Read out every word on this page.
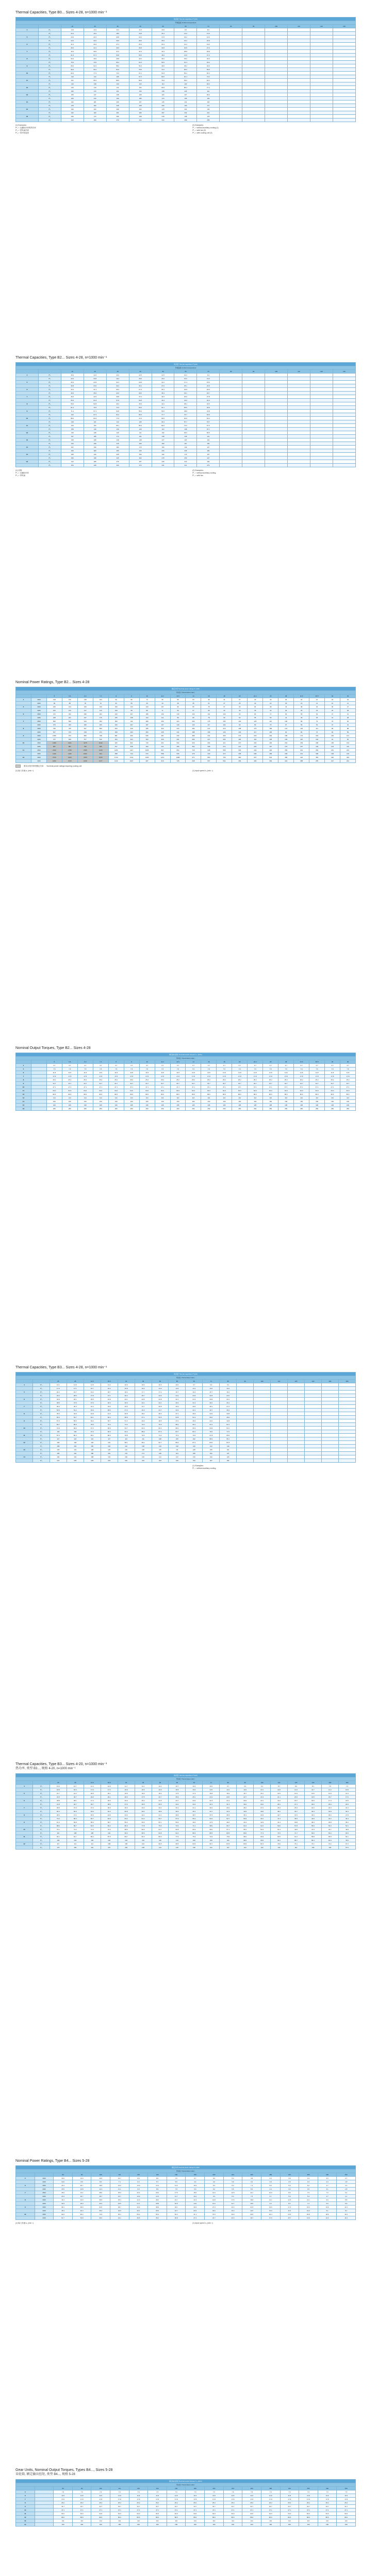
Thermal Capacities, Type B0... Sizes 4-28, n=1000 min⁻¹
热容量 Thermal capacities Pᵗ (kW)														
环境温度 Ambient temperature														
		10	20	30	40	50	60	70	80	90	100	110	120	130
4	Pᵗ₁	14.0	13.2	12.4	11.6	10.6	9.6	8.6						
	Pᵗ₂	20.4	19.2	18.0	16.8	15.4	14.0	12.6						
5	Pᵗ₁	23.6	22.2	20.8	19.4	17.8	16.2	14.6						
	Pᵗ₂	34.0	32.0	30.0	28.0	25.6	23.2	20.8						
6	Pᵗ₁	31.0	29.2	27.4	25.4	23.4	21.2	19.0						
	Pᵗ₂	45.0	42.4	39.6	36.8	33.8	30.8	27.6						
7	Pᵗ₁	42.0	39.6	37.0	34.4	31.6	28.8	25.8						
	Pᵗ₂	61.0	57.4	53.8	50.0	46.0	41.8	37.4						
8	Pᵗ₁	52.0	49.0	45.8	42.6	39.2	35.6	32.0						
	Pᵗ₂	75.0	70.6	66.2	61.6	56.6	51.4	46.2						
9	Pᵗ₁	66.0	62.2	58.2	54.0	49.6	45.2	40.6						
	Pᵗ₂	96.0	90.4	84.6	78.6	72.2	65.6	59.0						
10	Pᵗ₁	82.0	77.2	72.2	67.2	61.8	56.2	50.4						
	Pᵗ₂	119	112	105	97.6	89.6	81.4	73.2						
11	Pᵗ₁	101	95.2	89.0	82.8	76.0	69.2	62.2						
	Pᵗ₂	146	138	129	120	110	100	90.0						
12	Pᵗ₁	126	119	111	103	94.8	86.2	77.4						
	Pᵗ₂	183	172	161	150	138	125	112						
13	Pᵗ₁	156	147	138	128	118	107	96.0						
	Pᵗ₂	226	213	199	185	170	155	139						
14	Pᵗ₁	192	181	169	157	145	131	118						
	Pᵗ₂	278	262	245	228	209	190	171						
15	Pᵗ₁	236	222	208	193	178	161	145						
	Pᵗ₂	342	322	301	280	257	234	210						
16	Pᵗ₁	290	273	256	238	218	198	178						
	Pᵗ₂	420	396	370	344	316	288	258						
(1) Exemples:
Pᵗ₁ = 无辅助冷却的热功率
Pᵗ₂ = 带风扇冷却
Pᵗ₃ = 带冷却盘管
(2) Examples:
Pᵗ₁ = without auxiliary cooling (1)
Pᵗ₂ = with fan (2)
Pᵗ₃ = with cooling coil (3)
Thermal Capacities, Type B2... Sizes 4-28, n=1000 min⁻¹
热容量 Thermal capacities Pᵗ (kW)														
环境温度 Ambient temperature														
		10	20	30	40	50	60	70	80	90	100	110	120	130
4	Pᵗ₁	15.2	14.3	13.4	12.5	11.5	10.4	9.4						
	Pᵗ₂	22.0	20.8	19.4	18.0	16.6	15.0	13.6						
5	Pᵗ₁	25.4	23.9	22.4	20.8	19.1	17.4	15.6						
	Pᵗ₂	36.8	34.6	32.4	30.1	27.6	25.1	22.5						
6	Pᵗ₁	33.4	31.4	29.4	27.3	25.1	22.8	20.5						
	Pᵗ₂	48.4	45.6	42.6	39.6	36.4	33.1	29.7						
7	Pᵗ₁	45.2	42.6	39.8	37.0	34.0	30.9	27.8						
	Pᵗ₂	65.6	61.8	57.8	53.8	49.4	44.9	40.3						
8	Pᵗ₁	56.0	52.8	49.4	45.9	42.2	38.4	34.5						
	Pᵗ₂	81.2	76.5	71.6	66.5	61.1	55.6	49.9						
9	Pᵗ₁	71.2	67.1	62.8	58.3	53.6	48.8	43.8						
	Pᵗ₂	103	97.3	91.0	84.6	77.7	70.7	63.5						
10	Pᵗ₁	88.4	83.3	77.9	72.4	66.5	60.5	54.3						
	Pᵗ₂	128	121	113	105	96.4	87.7	78.7						
11	Pᵗ₁	109	103	96.1	89.3	82.0	74.6	67.0						
	Pᵗ₂	158	149	139	129	119	108	97.1						
12	Pᵗ₁	136	128	120	111	102	93.0	83.5						
	Pᵗ₂	197	186	174	161	148	135	121						
13	Pᵗ₁	168	158	148	138	127	115	103						
	Pᵗ₂	244	230	215	200	183	167	150						
14	Pᵗ₁	207	195	183	170	156	142	127						
	Pᵗ₂	300	283	265	246	226	205	184						
15	Pᵗ₁	255	240	225	209	192	174	157						
	Pᵗ₂	369	348	325	302	278	253	227						
16	Pᵗ₁	313	295	276	257	236	214	193						
	Pᵗ₂	454	428	400	372	341	311	279						
(1) 说明:
Pᵗ₁ = 无辅助冷却
Pᵗ₂ = 带风扇
(2) Examples:
Pᵗ₁ = without auxiliary cooling
Pᵗ₂ = with fan
Nominal Power Ratings, Type B2... Sizes 4-28
额定功率 Nominal power ratings Pₙ (kW)																					
传动比 Transmission ratio i																					
		5	5.6	6.3	7.1	8	9	10	11.2	12.5	14	16	18	20	22.4	25	28	31.5	35.5	40	45
4	1500	148	132	118	104	93	82	74	66	59	53	46	41	37	33	30	26	24	21	19	16
	1000	99	88	78	70	62	55	49	44	39	35	31	27	25	22	20	18	16	14	12	11
5	1500	240	214	190	169	150	133	120	107	96	86	75	67	60	54	48	43	38	34	30	27
	1000	160	143	127	113	100	89	80	71	64	57	50	44	40	36	32	29	25	23	20	18
6	1500	372	332	295	262	233	207	186	166	149	133	116	103	93	83	74	66	59	52	47	41
	1000	248	221	197	175	155	138	124	111	99	89	78	69	62	55	50	44	39	35	31	28
7	1500	560	500	444	394	350	311	280	250	224	200	175	156	140	125	112	100	89	79	70	62
	1000	373	333	296	263	233	207	187	167	149	133	117	104	93	83	75	67	59	53	47	41
8	1500	790	705	627	556	494	439	395	353	316	282	247	219	198	176	158	141	125	111	99	88
	1000	527	470	418	371	329	293	263	235	211	188	165	146	132	117	105	94	84	74	66	59
9	1500	1090	973	865	768	681	606	545	487	436	389	341	303	273	243	218	195	173	154	136	121
	1000	727	649	577	512	454	404	363	325	291	260	227	202	182	162	145	130	115	102	91	81
10	1500	1480	1321	1175	1042	925	822	740	661	592	529	463	411	370	330	296	264	235	208	185	164
	1000	987	881	783	695	617	548	493	441	395	352	308	274	247	220	197	176	157	139	123	110
11	1500	2010	1795	1595	1415	1256	1117	1005	897	804	718	628	558	503	449	402	359	319	283	251	223
	1000	1340	1196	1063	944	838	744	670	598	536	479	419	372	335	299	268	239	213	189	168	149
12	1500	2720	2429	2159	1915	1700	1511	1360	1214	1088	971	850	756	680	607	544	486	432	383	340	302
	1000	1813	1619	1439	1277	1133	1007	907	810	725	648	567	504	453	405	363	324	288	255	227	201
要求水管冷却的额定功率 Nominal power ratings requiring cooling coil
(1) 输入转速 n₁ (min⁻¹)	(1) Input speed n₁ (min⁻¹)
Nominal Output Torques, Type B2... Sizes 4-28
额定输出扭矩 Nominal output torques T₂ₙ (kNm)																					
传动比 Transmission ratio i																					
		5	5.6	6.3	7.1	8	9	10	11.2	12.5	14	16	18	20	22.4	25	28	31.5	35.5	40	45
4		4.7	4.7	4.7	4.7	4.7	4.7	4.7	4.7	4.7	4.7	4.7	4.7	4.7	4.7	4.7	4.7	4.7	4.7	4.7	4.7
5		7.6	7.6	7.6	7.6	7.6	7.6	7.6	7.6	7.6	7.6	7.6	7.6	7.6	7.6	7.6	7.6	7.6	7.6	7.6	7.6
6		11.8	11.8	11.8	11.8	11.8	11.8	11.8	11.8	11.8	11.8	11.8	11.8	11.8	11.8	11.8	11.8	11.8	11.8	11.8	11.8
7		17.8	17.8	17.8	17.8	17.8	17.8	17.8	17.8	17.8	17.8	17.8	17.8	17.8	17.8	17.8	17.8	17.8	17.8	17.8	17.8
8		25.2	25.2	25.2	25.2	25.2	25.2	25.2	25.2	25.2	25.2	25.2	25.2	25.2	25.2	25.2	25.2	25.2	25.2	25.2	25.2
9		34.7	34.7	34.7	34.7	34.7	34.7	34.7	34.7	34.7	34.7	34.7	34.7	34.7	34.7	34.7	34.7	34.7	34.7	34.7	34.7
10		47.1	47.1	47.1	47.1	47.1	47.1	47.1	47.1	47.1	47.1	47.1	47.1	47.1	47.1	47.1	47.1	47.1	47.1	47.1	47.1
11		64.0	64.0	64.0	64.0	64.0	64.0	64.0	64.0	64.0	64.0	64.0	64.0	64.0	64.0	64.0	64.0	64.0	64.0	64.0	64.0
12		86.6	86.6	86.6	86.6	86.6	86.6	86.6	86.6	86.6	86.6	86.6	86.6	86.6	86.6	86.6	86.6	86.6	86.6	86.6	86.6
13		114	114	114	114	114	114	114	114	114	114	114	114	114	114	114	114	114	114	114	114
14		150	150	150	150	150	150	150	150	150	150	150	150	150	150	150	150	150	150	150	150
15		195	195	195	195	195	195	195	195	195	195	195	195	195	195	195	195	195	195	195	195
16		250	250	250	250	250	250	250	250	250	250	250	250	250	250	250	250	250	250	250	250
Thermal Capacities, Type B3... Sizes 4-28, n=1000 min⁻¹
热容量 Thermal capacities Pᵗ (kW)																			
传动比 Transmission ratio i																			
		25	28	31.5	35.5	40	45	50	56	63	71	80	90	100	112	125	140	160	180
4	Pᵗ₁	12.1	11.8	11.5	11.2	10.9	10.6	10.3	10.0	9.7	9.4	9.1							
	Pᵗ₂	17.6	17.1	16.7	16.2	15.8	15.4	14.9	14.5	14.1	13.6	13.2							
5	Pᵗ₁	20.2	19.7	19.2	18.7	18.2	17.7	17.2	16.7	16.2	15.7	15.2							
	Pᵗ₂	29.3	28.6	27.8	27.1	26.4	25.7	24.9	24.2	23.5	22.8	22.0							
6	Pᵗ₁	26.8	26.1	25.5	24.8	24.1	23.5	22.8	22.1	21.5	20.8	20.1							
	Pᵗ₂	38.9	37.9	37.0	36.0	35.0	34.1	33.1	32.0	31.2	30.2	29.1							
7	Pᵗ₁	36.2	35.3	34.4	33.5	32.6	31.7	30.8	29.9	29.0	28.1	27.2							
	Pᵗ₂	52.5	51.2	49.9	48.6	47.3	46.0	44.7	43.4	42.1	40.7	39.4							
8	Pᵗ₁	45.0	43.9	42.8	41.6	40.5	39.4	38.3	37.1	36.0	34.9	33.8							
	Pᵗ₂	65.3	63.7	62.1	60.4	58.8	57.1	55.5	53.8	52.2	50.6	49.0							
9	Pᵗ₁	57.0	55.6	54.2	52.7	51.3	49.9	48.5	47.0	45.6	44.2	42.8							
	Pᵗ₂	82.7	80.6	78.6	76.4	74.4	72.4	70.3	68.2	66.1	64.1	62.1							
10	Pᵗ₁	70.8	69.0	67.3	65.5	63.7	62.0	60.2	58.4	56.6	54.9	53.1							
	Pᵗ₂	103	100	97.6	95.0	92.4	89.9	87.3	84.7	82.1	79.6	77.0							
11	Pᵗ₁	87.5	85.3	83.1	80.9	78.8	76.6	74.4	72.2	70.0	67.8	65.6							
	Pᵗ₂	127	124	121	117	114	111	108	105	102	98.3	95.1							
12	Pᵗ₁	109	106	104	101	98.1	95.4	92.7	89.9	87.2	84.5	81.8							
	Pᵗ₂	158	154	150	146	142	138	134	130	126	123	119							
13	Pᵗ₁	135	132	128	125	122	118	115	111	108	105	101							
	Pᵗ₂	196	191	186	181	176	171	166	161	156	152	147							
14	Pᵗ₁	166	162	158	154	149	145	141	137	133	129	125							
	Pᵗ₂	241	235	229	223	216	210	204	199	193	187	181							
(1) Examples:
Pᵗ₁ = without auxiliary cooling
Thermal Capacities, Type B3... Sizes 4-20, n=1000 min⁻¹
热功率, 类型 B3..., 规格 4-20, n=1000 min⁻¹
热容量 Thermal capacities Pᵗ (kW)																			
传动比 Transmission ratio i																			
		25	28	31.5	35.5	40	45	50	56	63	71	80	90	100	112	125	140	160	180
4	Pᵗ₁	13.0	12.7	12.4	12.0	11.7	11.4	11.0	10.7	10.4	10.0	9.7	9.4	9.1	8.7	8.4	8.1	7.8	7.4
	Pᵗ₂	18.9	18.4	17.9	17.4	16.9	16.5	16.0	15.5	15.0	14.5	14.1	13.6	13.1	12.6	12.2	11.7	11.2	10.8
5	Pᵗ₁	21.7	21.2	20.6	20.1	19.5	19.0	18.4	17.9	17.3	16.8	16.2	15.7	15.1	14.6	14.0	13.5	12.9	12.4
	Pᵗ₂	31.5	30.7	29.9	29.1	28.3	27.5	26.7	25.9	25.1	24.3	23.5	22.7	21.9	21.1	20.3	19.5	18.7	17.9
6	Pᵗ₁	28.8	28.1	27.4	26.6	25.9	25.2	24.5	23.7	23.0	22.3	21.6	20.9	20.1	19.4	18.7	18.0	17.3	16.5
	Pᵗ₂	41.8	40.7	39.7	38.6	37.6	36.5	35.5	34.4	33.4	32.3	31.3	30.2	29.2	28.1	27.1	26.0	25.0	23.9
7	Pᵗ₁	38.9	37.9	37.0	36.0	35.0	34.0	33.1	32.1	31.1	30.2	29.2	28.2	27.2	26.3	25.3	24.3	23.3	22.4
	Pᵗ₂	56.4	55.0	53.6	52.2	50.8	49.4	48.0	46.5	45.1	43.7	42.3	40.9	39.5	38.1	36.7	35.3	33.8	32.4
8	Pᵗ₁	48.4	47.2	46.0	44.8	43.6	42.4	41.1	39.9	38.7	37.5	36.3	35.1	33.9	32.7	31.5	30.3	29.0	27.8
	Pᵗ₂	70.2	68.4	66.7	64.9	63.2	61.4	59.7	57.9	56.2	54.4	52.7	50.9	49.1	47.4	45.6	43.9	42.1	40.4
9	Pᵗ₁	61.3	59.8	58.2	56.7	55.2	53.6	52.1	50.6	49.0	47.5	46.0	44.4	42.9	41.4	39.8	38.3	36.8	35.2
	Pᵗ₂	88.9	86.7	84.5	82.2	80.0	77.8	75.6	73.3	71.1	68.9	66.7	64.4	62.2	60.0	57.8	55.6	53.3	51.1
10	Pᵗ₁	76.1	74.2	72.3	70.4	68.5	66.6	64.7	62.8	60.9	59.0	57.1	55.2	53.3	51.4	49.5	47.6	45.7	43.8
	Pᵗ₂	110	108	105	102	99.3	96.6	93.8	91.0	88.3	85.5	82.8	80.0	77.3	74.5	71.7	69.0	66.2	63.5
11	Pᵗ₁	94.1	91.7	89.4	87.0	84.7	82.3	80.0	77.6	75.3	72.9	70.6	68.2	65.9	63.5	61.2	58.8	56.5	54.1
	Pᵗ₂	136	133	130	126	123	119	116	113	109	106	102	98.9	95.5	92.1	88.7	85.3	81.9	78.5
12	Pᵗ₁	117	114	111	108	105	102	99.5	96.5	93.6	90.7	87.8	84.8	81.9	79.0	76.1	73.1	70.2	67.3
	Pᵗ₂	170	166	161	157	153	148	144	140	136	131	127	123	119	115	110	106	102	97.6
Nominal Power Ratings, Type B4... Sizes 5-28
额定功率 Nominal power ratings Pₙ (kW)																	
传动比 Transmission ratio i																	
		80	90	100	112	125	140	160	180	200	224	250	280	315	355	400	450
5	1500	15.0	13.3	12.0	10.7	9.6	8.6	7.5	6.7	6.0	5.4	4.8	4.3	3.8	3.4	3.0	2.7
	1000	10.0	8.9	8.0	7.1	6.4	5.7	5.0	4.4	4.0	3.6	3.2	2.9	2.5	2.3	2.0	1.8
6	1500	23.3	20.7	18.6	16.6	14.9	13.3	11.6	10.3	9.3	8.3	7.4	6.6	5.9	5.2	4.7	4.1
	1000	15.5	13.8	12.4	11.1	9.9	8.9	7.8	6.9	6.2	5.5	5.0	4.4	3.9	3.5	3.1	2.8
7	1500	35.0	31.1	28.0	25.0	22.4	20.0	17.5	15.6	14.0	12.5	11.2	10.0	8.9	7.9	7.0	6.2
	1000	23.3	20.7	18.7	16.7	14.9	13.3	11.7	10.4	9.3	8.3	7.5	6.7	5.9	5.3	4.7	4.1
8	1500	49.4	43.9	39.5	35.3	31.6	28.2	24.7	21.9	19.8	17.6	15.8	14.1	12.5	11.1	9.9	8.8
	1000	32.9	29.3	26.3	23.5	21.1	18.8	16.5	14.6	13.2	11.7	10.5	9.4	8.4	7.4	6.6	5.9
9	1500	68.1	60.6	54.5	48.7	43.6	38.9	34.1	30.3	27.3	24.3	21.8	19.5	17.3	15.4	13.6	12.1
	1000	45.4	40.4	36.3	32.5	29.1	26.0	22.7	20.2	18.2	16.2	14.5	13.0	11.5	10.2	9.1	8.1
10	1500	92.5	82.2	74.0	66.1	59.2	52.9	46.3	41.1	37.0	33.0	29.6	26.4	23.5	20.8	18.5	16.4
	1000	61.7	54.8	49.3	44.1	39.5	35.2	30.8	27.4	24.7	22.0	19.7	17.6	15.7	13.9	12.3	11.0
(1) 输入转速 n₁ (min⁻¹)	(1) Input speed n₁ (min⁻¹)
Gear Units, Nominal Output Torques, Types B4..., Sizes 5-28
齿轮箱, 额定输出扭矩, 类型 B4..., 规格 5-28
额定输出扭矩 Nominal output torques T₂ₙ (kNm)																	
传动比 Transmission ratio i																	
		80	90	100	112	125	140	160	180	200	224	250	280	315	355	400	450
5		7.6	7.6	7.6	7.6	7.6	7.6	7.6	7.6	7.6	7.6	7.6	7.6	7.6	7.6	7.6	7.6
6		11.8	11.8	11.8	11.8	11.8	11.8	11.8	11.8	11.8	11.8	11.8	11.8	11.8	11.8	11.8	11.8
7		17.8	17.8	17.8	17.8	17.8	17.8	17.8	17.8	17.8	17.8	17.8	17.8	17.8	17.8	17.8	17.8
8		25.2	25.2	25.2	25.2	25.2	25.2	25.2	25.2	25.2	25.2	25.2	25.2	25.2	25.2	25.2	25.2
9		34.7	34.7	34.7	34.7	34.7	34.7	34.7	34.7	34.7	34.7	34.7	34.7	34.7	34.7	34.7	34.7
10		47.1	47.1	47.1	47.1	47.1	47.1	47.1	47.1	47.1	47.1	47.1	47.1	47.1	47.1	47.1	47.1
11		64.0	64.0	64.0	64.0	64.0	64.0	64.0	64.0	64.0	64.0	64.0	64.0	64.0	64.0	64.0	64.0
12		86.6	86.6	86.6	86.6	86.6	86.6	86.6	86.6	86.6	86.6	86.6	86.6	86.6	86.6	86.6	86.6
13		114	114	114	114	114	114	114	114	114	114	114	114	114	114	114	114
14		150	150	150	150	150	150	150	150	150	150	150	150	150	150	150	150
